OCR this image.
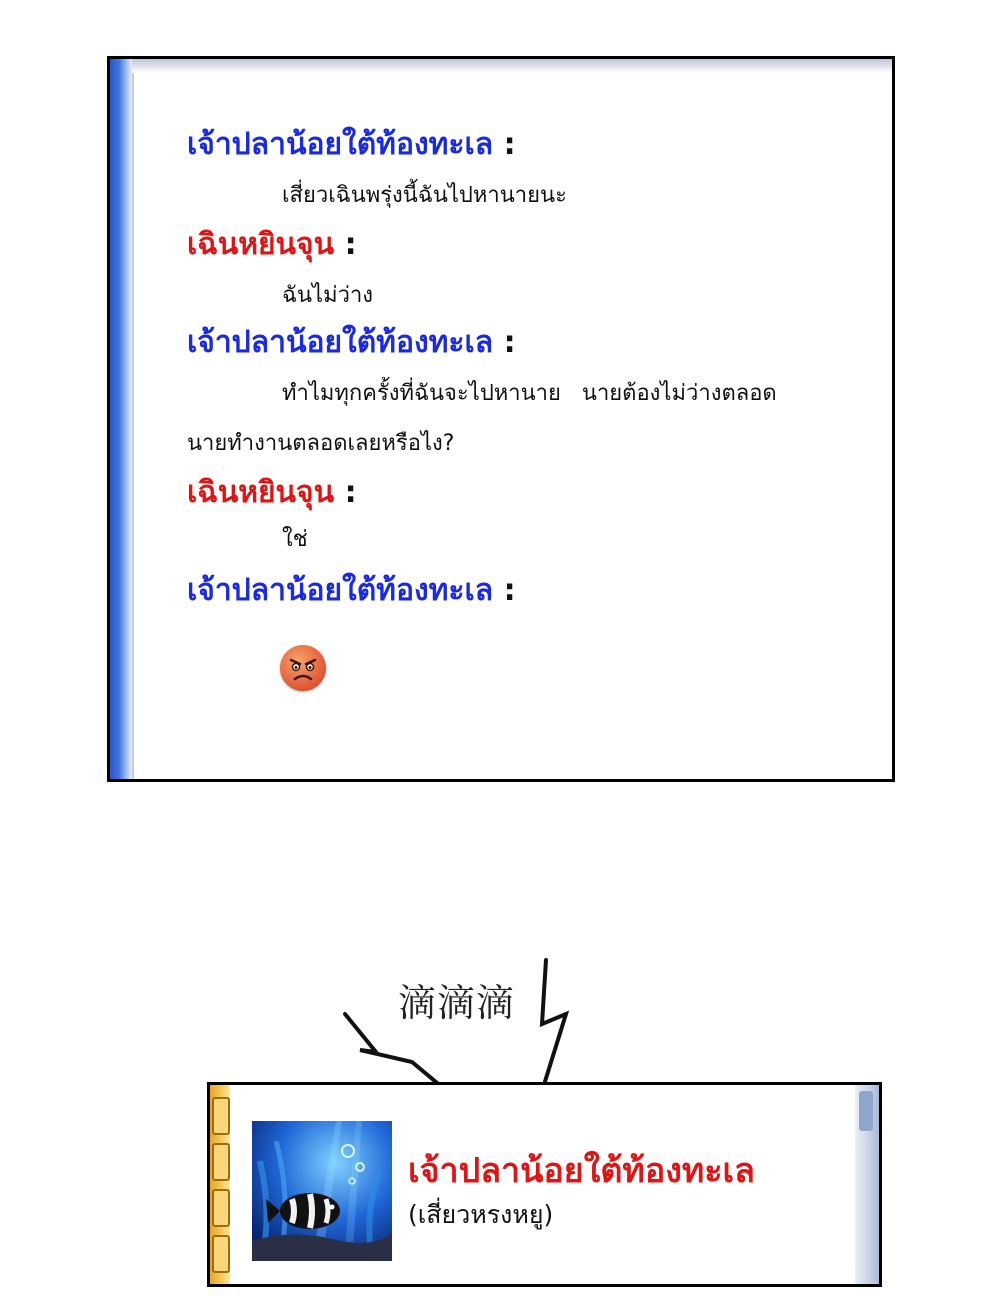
เจ้าปลาน้อยใต้ท้องทะเล :
เสี่ยวเฉินพรุ่งนี้ฉันไปหานายนะ
เฉินหยินจุน :
ฉันไม่ว่าง
เจ้าปลาน้อยใต้ท้องทะเล :
ทำไมทุกครั้งที่ฉันจะไปหานาย   นายต้องไม่ว่างตลอด
นายทำงานตลอดเลยหรือไง?
เฉินหยินจุน :
ใช่
เจ้าปลาน้อยใต้ท้องทะเล :
滴滴滴
เจ้าปลาน้อยใต้ท้องทะเล
(เสี่ยวหรงหยู)
